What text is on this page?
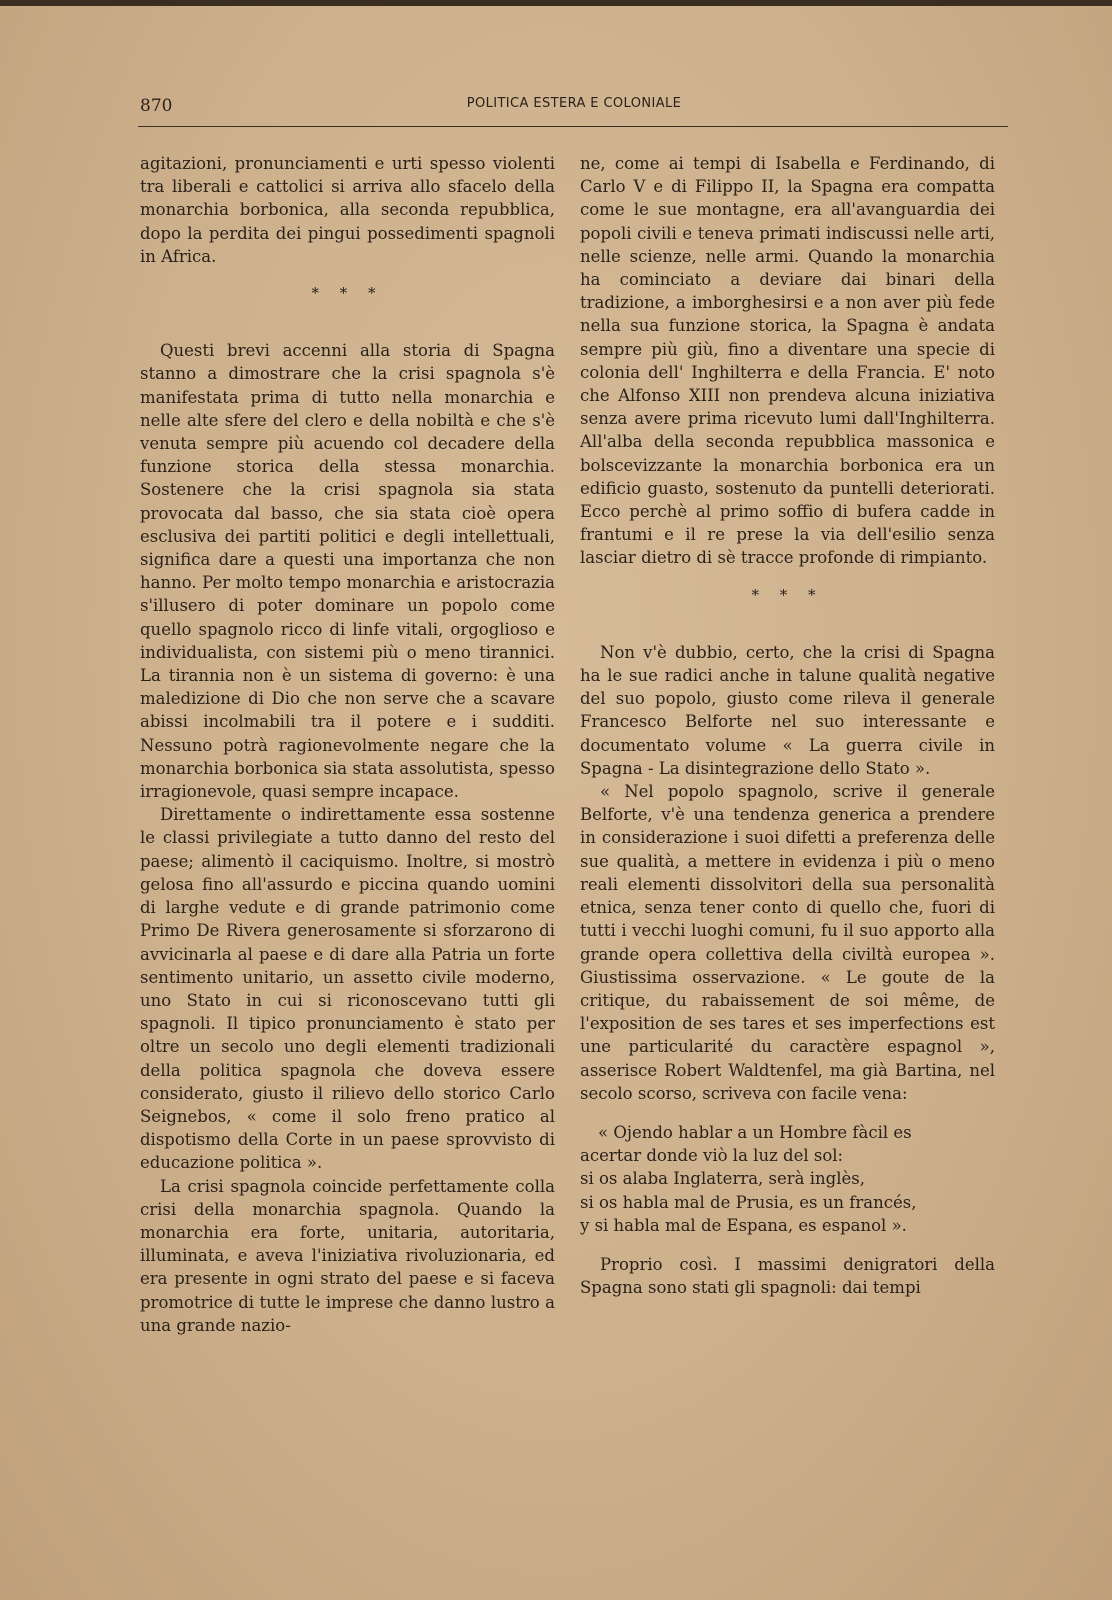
870	POLITICA ESTERA E COLONIALE

agitazioni, pronunciamenti e urti spesso violenti tra liberali e cattolici si arriva allo sfacelo della monarchia borbonica, alla seconda repubblica, dopo la perdita dei pingui possedimenti spagnoli in Africa.

* * *

Questi brevi accenni alla storia di Spagna stanno a dimostrare che la crisi spagnola s'è manifestata prima di tutto nella monarchia e nelle alte sfere del clero e della nobiltà e che s'è venuta sempre più acuendo col decadere della funzione storica della stessa monarchia. Sostenere che la crisi spagnola sia stata provocata dal basso, che sia stata cioè opera esclusiva dei partiti politici e degli intellettuali, significa dare a questi una importanza che non hanno. Per molto tempo monarchia e aristocrazia s'illusero di poter dominare un popolo come quello spagnolo ricco di linfe vitali, orgoglioso e individualista, con sistemi più o meno tirannici. La tirannia non è un sistema di governo: è una maledizione di Dio che non serve che a scavare abissi incolmabili tra il potere e i sudditi. Nessuno potrà ragionevolmente negare che la monarchia borbonica sia stata assolutista, spesso irragionevole, quasi sempre incapace.

Direttamente o indirettamente essa sostenne le classi privilegiate a tutto danno del resto del paese; alimentò il caciquismo. Inoltre, si mostrò gelosa fino all'assurdo e piccina quando uomini di larghe vedute e di grande patrimonio come Primo De Rivera generosamente si sforzarono di avvicinarla al paese e di dare alla Patria un forte sentimento unitario, un assetto civile moderno, uno Stato in cui si riconoscevano tutti gli spagnoli. Il tipico pronunciamento è stato per oltre un secolo uno degli elementi tradizionali della politica spagnola che doveva essere considerato, giusto il rilievo dello storico Carlo Seignebos, « come il solo freno pratico al dispotismo della Corte in un paese sprovvisto di educazione politica ».

La crisi spagnola coincide perfettamente colla crisi della monarchia spagnola. Quando la monarchia era forte, unitaria, autoritaria, illuminata, e aveva l'iniziativa rivoluzionaria, ed era presente in ogni strato del paese e si faceva promotrice di tutte le imprese che danno lustro a una grande nazio-

ne, come ai tempi di Isabella e Ferdinando, di Carlo V e di Filippo II, la Spagna era compatta come le sue montagne, era all'avanguardia dei popoli civili e teneva primati indiscussi nelle arti, nelle scienze, nelle armi. Quando la monarchia ha cominciato a deviare dai binari della tradizione, a imborghesirsi e a non aver più fede nella sua funzione storica, la Spagna è andata sempre più giù, fino a diventare una specie di colonia dell' Inghilterra e della Francia. E' noto che Alfonso XIII non prendeva alcuna iniziativa senza avere prima ricevuto lumi dall'Inghilterra. All'alba della seconda repubblica massonica e bolscevizzante la monarchia borbonica era un edificio guasto, sostenuto da puntelli deteriorati. Ecco perchè al primo soffio di bufera cadde in frantumi e il re prese la via dell'esilio senza lasciar dietro di sè tracce profonde di rimpianto.

* * *

Non v'è dubbio, certo, che la crisi di Spagna ha le sue radici anche in talune qualità negative del suo popolo, giusto come rileva il generale Francesco Belforte nel suo interessante e documentato volume « La guerra civile in Spagna - La disintegrazione dello Stato ».

« Nel popolo spagnolo, scrive il generale Belforte, v'è una tendenza generica a prendere in considerazione i suoi difetti a preferenza delle sue qualità, a mettere in evidenza i più o meno reali elementi dissolvitori della sua personalità etnica, senza tener conto di quello che, fuori di tutti i vecchi luoghi comuni, fu il suo apporto alla grande opera collettiva della civiltà europea ». Giustissima osservazione. « Le goute de la critique, du rabaissement de soi même, de l'exposition de ses tares et ses imperfections est une particularité du caractère espagnol », asserisce Robert Waldtenfel, ma già Bartina, nel secolo scorso, scriveva con facile vena:

« Ojendo hablar a un Hombre fàcil es
acertar donde viò la luz del sol:
si os alaba Inglaterra, serà inglès,
si os habla mal de Prusia, es un francés,
y si habla mal de Espana, es espanol ».

Proprio così. I massimi denigratori della Spagna sono stati gli spagnoli: dai tempi
